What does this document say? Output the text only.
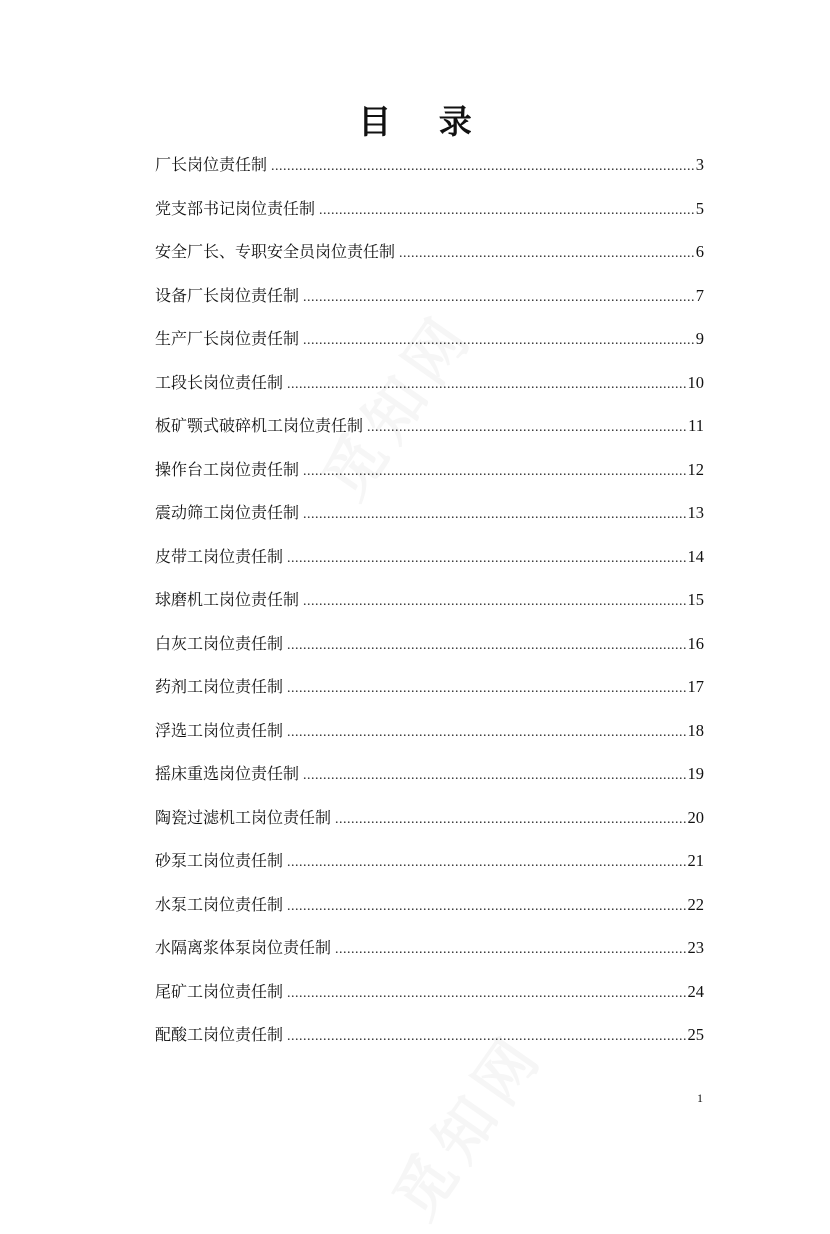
目 录
厂长岗位责任制 .....	3
党支部书记岗位责任制 .....	5
安全厂长、专职安全员岗位责任制 .....	6
设备厂长岗位责任制 .....	7
生产厂长岗位责任制 .....	9
工段长岗位责任制 .....	10
板矿颚式破碎机工岗位责任制 .....	11
操作台工岗位责任制 .....	12
震动筛工岗位责任制 .....	13
皮带工岗位责任制 .....	14
球磨机工岗位责任制 .....	15
白灰工岗位责任制 .....	16
药剂工岗位责任制 .....	17
浮选工岗位责任制 .....	18
摇床重选岗位责任制 .....	19
陶瓷过滤机工岗位责任制 .....	20
砂泵工岗位责任制 .....	21
水泵工岗位责任制 .....	22
水隔离浆体泵岗位责任制 .....	23
尾矿工岗位责任制 .....	24
配酸工岗位责任制 .....	25
1
